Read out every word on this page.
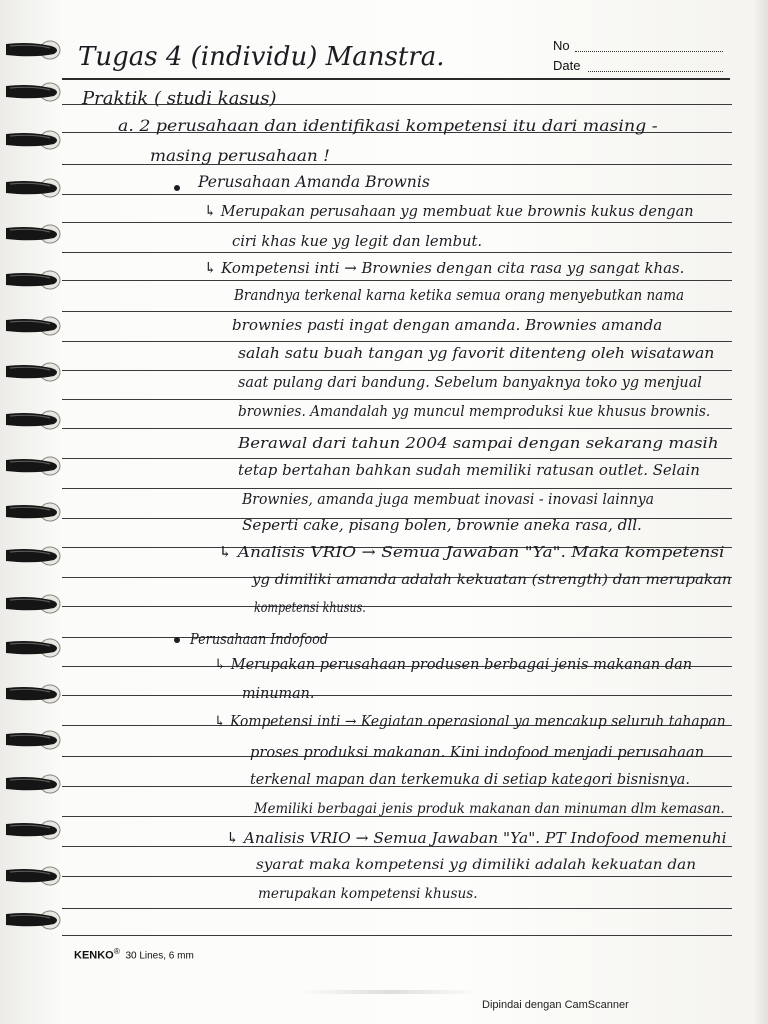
No
Date
Tugas 4 (individu) Manstra.
Praktik ( studi kasus)
a. 2 perusahaan dan identifikasi kompetensi itu dari masing -
masing perusahaan !
Perusahaan Amanda Brownis
↳ Merupakan perusahaan yg membuat kue brownis kukus dengan
ciri khas kue yg legit dan lembut.
↳ Kompetensi inti → Brownies dengan cita rasa yg sangat khas.
Brandnya terkenal karna ketika semua orang menyebutkan nama
brownies pasti ingat dengan amanda. Brownies amanda
salah satu buah tangan yg favorit ditenteng oleh wisatawan
saat pulang dari bandung. Sebelum banyaknya toko yg menjual
brownies. Amandalah yg muncul memproduksi kue khusus brownis.
Berawal dari tahun 2004 sampai dengan sekarang masih
tetap bertahan bahkan sudah memiliki ratusan outlet. Selain
Brownies, amanda juga membuat inovasi - inovasi lainnya
Seperti cake, pisang bolen, brownie aneka rasa, dll.
↳ Analisis VRIO → Semua Jawaban "Ya". Maka kompetensi
yg dimiliki amanda adalah kekuatan (strength) dan merupakan
kompetensi khusus.
Perusahaan Indofood
↳ Merupakan perusahaan produsen berbagai jenis makanan dan
minuman.
↳ Kompetensi inti → Kegiatan operasional ya mencakup seluruh tahapan
proses produksi makanan. Kini indofood menjadi perusahaan
terkenal mapan dan terkemuka di setiap kategori bisnisnya.
Memiliki berbagai jenis produk makanan dan minuman dlm kemasan.
↳ Analisis VRIO → Semua Jawaban "Ya". PT Indofood memenuhi
syarat maka kompetensi yg dimiliki adalah kekuatan dan
merupakan kompetensi khusus.
KENKO® 30 Lines, 6 mm
Dipindai dengan CamScanner
